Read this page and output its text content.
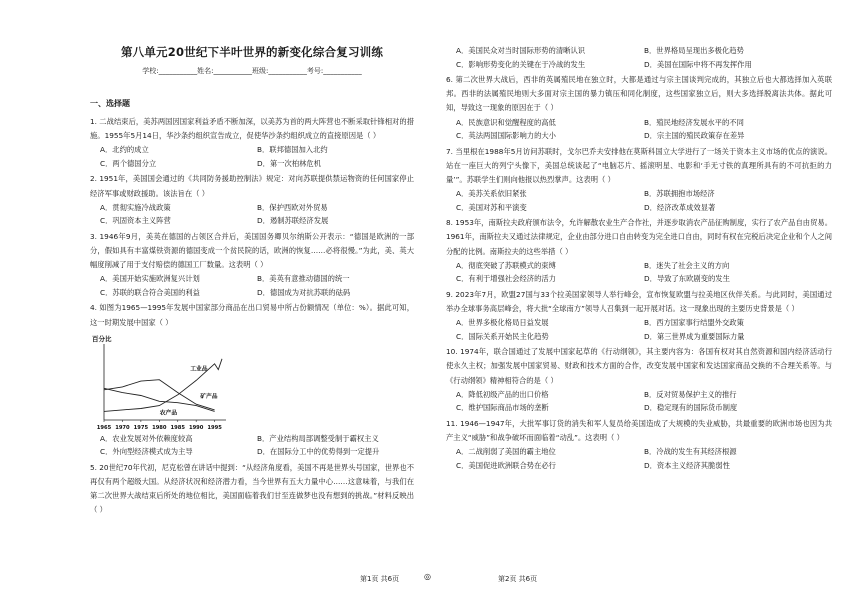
第八单元20世纪下半叶世界的新变化综合复习训练
学校:___________姓名:___________班级:___________考号:___________
一、选择题
1. 二战结束后，美苏两国因国家利益矛盾不断加深，以美苏为首的两大阵营也不断采取针锋相对的措施。1955年5月14日，华沙条约组织宣告成立，促使华沙条约组织成立的直接原因是（ ）
A．北约的成立	B．联邦德国加入北约
C．两个德国分立	D．第一次柏林危机
2. 1951年，美国国会通过的《共同防务援助控制法》规定：对向苏联提供禁运物资的任何国家停止经济军事或财政援助。该法旨在（ ）
A．贯彻实施冷战政策	B．保护西欧对外贸易
C．巩固资本主义阵营	D．遏制苏联经济发展
3. 1946年9月，美英在德国的占领区合并后，美国国务卿贝尔纳斯公开表示：“德国是欧洲的一部分，假如具有丰富煤铁资源的德国变成一个贫民院的话，欧洲的恢复……必将很慢。”为此，美、英大幅度削减了用于支付赔偿的德国工厂数量。这表明（ ）
A．美国开始实施欧洲复兴计划	B．美英有意推动德国的统一
C．苏联的联合符合美国的利益	D．德国成为对抗苏联的砝码
4. 如图为1965—1995年发展中国家部分商品在出口贸易中所占份额情况（单位：%）。据此可知，这一时期发展中国家（ ）
百分比
1965 1970 1975 1980 1985 1990 1995
工业品
矿产品
农产品
A．农业发展对外依赖度较高	B．产业结构局部调整受制于霸权主义
C．外向型经济模式成为主导	D．在国际分工中的优势得到一定提升
5. 20世纪70年代初，尼克松曾在讲话中提到：“从经济角度看，美国不再是世界头号国家，世界也不再仅有两个超级大国。从经济状况和经济潜力看，当今世界有五大力量中心……这意味着，与我们在第二次世界大战结束后所处的地位相比，美国面临着我们甘至连做梦也没有想到的挑战。”材料反映出（ ）
A．美国民众对当时国际形势的清晰认识	B．世界格局呈现出多极化趋势
C．影响形势变化的关键在于冷战的发生	D．美国在国际中将不再发挥作用
6. 第二次世界大战后，西非的英属殖民地在独立时，大都是通过与宗主国谈判完成的，其独立后也大都选择加入英联邦。西非的法属殖民地则大多面对宗主国的暴力镇压和同化制度，这些国家独立后，则大多选择脱离法共体。据此可知，导致这一现象的原因在于（ ）
A．民族意识和觉醒程度的高低	B．殖民地经济发展水平的不同
C．英法两国国际影响力的大小	D．宗主国的殖民政策存在差异
7. 当里根在1988年5月访问苏联时，戈尔巴乔夫安排他在莫斯科国立大学进行了一场关于资本主义市场的优点的演说。站在一座巨大的列宁头像下，美国总统谈起了“电脑芯片、摇滚明星、电影和‘手无寸铁的真理所具有的不可抗拒的力量’”。苏联学生们则向他报以热烈掌声。这表明（ ）
A．美苏关系依旧紧张	B．苏联拥抱市场经济
C．美国对苏和平演变	D．经济改革成效显著
8. 1953年，南斯拉夫政府颁布法令，允许解散农业生产合作社，并逐步取消农产品征购制度，实行了农产品自由贸易。1961年，南斯拉夫又通过法律规定，企业由部分进口自由转变为完全进口自由，同时有权在完税后决定企业和个人之间分配的比例。南斯拉夫的这些举措（ ）
A．彻底突破了苏联模式的束缚	B．迷失了社会主义的方向
C．有利于增强社会经济的活力	D．导致了东欧剧变的发生
9. 2023年7月，欧盟27国与33个拉美国家领导人举行峰会，宣布恢复欧盟与拉美地区伙伴关系。与此同时，美国通过举办全球事务高层峰会，将大批“全球南方”领导人召集到一起开展对话。这一现象出现的主要历史背景是（ ）
A．世界多极化格局日益发展	B．西方国家事行结盟外交政策
C．国际关系开始民主化趋势	D．第三世界成为重要国际力量
10. 1974年，联合国通过了发展中国家起草的《行动纲领》，其主要内容为：各国有权对其自然资源和国内经济活动行使永久主权；加强发展中国家贸易、财政和技术方面的合作，改变发展中国家和发达国家商品交换的不合理关系等。与《行动纲领》精神相符合的是（ ）
A．降低初级产品的出口价格	B．反对贸易保护主义的推行
C．维护国际商品市场的垄断	D．稳定现有的国际货币制度
11. 1946—1947年，大批军事订货的消失和军人复员给美国造成了大规模的失业威胁，共最重要的欧洲市场也因为共产主义“威胁”和战争破坏而面临着“动乱”。这表明（ ）
A．二战削弱了美国的霸主地位	B．冷战的发生有其经济根源
C．美国促进欧洲联合势在必行	D．资本主义经济其脆弱性
第1页 共6页	◎	第2页 共6页
